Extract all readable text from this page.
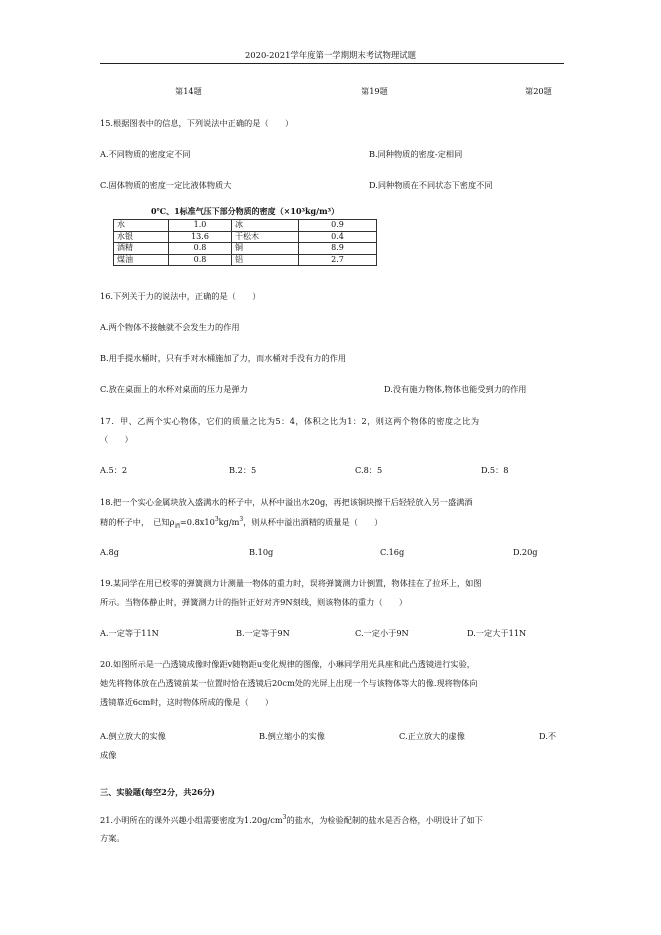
2020-2021学年度第一学期期末考试物理试题
第14题	第19题	第20题
15.根据图表中的信息，下列说法中正确的是（　　）
A.不同物质的密度定不同	B.同种物质的密度-定相同
C.固体物质的密度一定比液体物质大	D.同种物质在不同状态下密度不同
0℃、1标准气压下部分物质的密度（×10³kg/m³）
水	1.0	冰	0.9
水银	13.6	干松木	0.4
酒精	0.8	铜	8.9
煤油	0.8	铝	2.7
16.下列关于力的说法中，正确的是（　　）
A.两个物体不接触就不会发生力的作用
B.用手提水桶时，只有手对水桶施加了力，而水桶对手没有力的作用
C.放在桌面上的水杯对桌面的压力是弹力	D.没有施力物体,物体也能受到力的作用
17．甲、乙两个实心物体，它们的质量之比为5：4，体积之比为1：2，则这两个物体的密度之比为
（　　）
A.5：2	B.2：5	C.8：5	D.5：8
18.把一个实心金属块放入盛满水的杯子中，从杯中溢出水20g，再把该铜块擦干后轻轻放入另一盛满酒
精的杯子中，　已知$\rho_酒=0.8x10^3kg/m^3$，则从杯中溢出酒精的质量是（　　）
A.8g	B.10g	C.16g	D.20g
19.某同学在用已校零的弹簧测力计测量一物体的重力时，误将弹簧测力计倒置，物体挂在了拉环上，如图
所示。当物体静止时，弹簧测力计的指针正好对齐9N刻线，则该物体的重力（　　）
A.一定等于11N	B.一定等于9N	C.一定小于9N	D.一定大于11N
20.如图所示是一凸透镜成像时像距v随物距u变化规律的图像，小琳同学用光具座和此凸透镜进行实验，
她先将物体放在凸透镜前某一位置时恰在透镜后20cm处的光屏上出现一个与该物体等大的像.现将物体向
透镜靠近6cm时，这时物体所成的像是（　　）
A.倒立放大的实像	B.倒立缩小的实像	C.正立放大的虚像	D.不
成像
三、实验题(每空2分，共26分)
21.小明所在的课外兴趣小组需要密度为$1.20g/cm^3$的盐水，为检验配制的盐水是否合格，小明设计了如下
方案。
